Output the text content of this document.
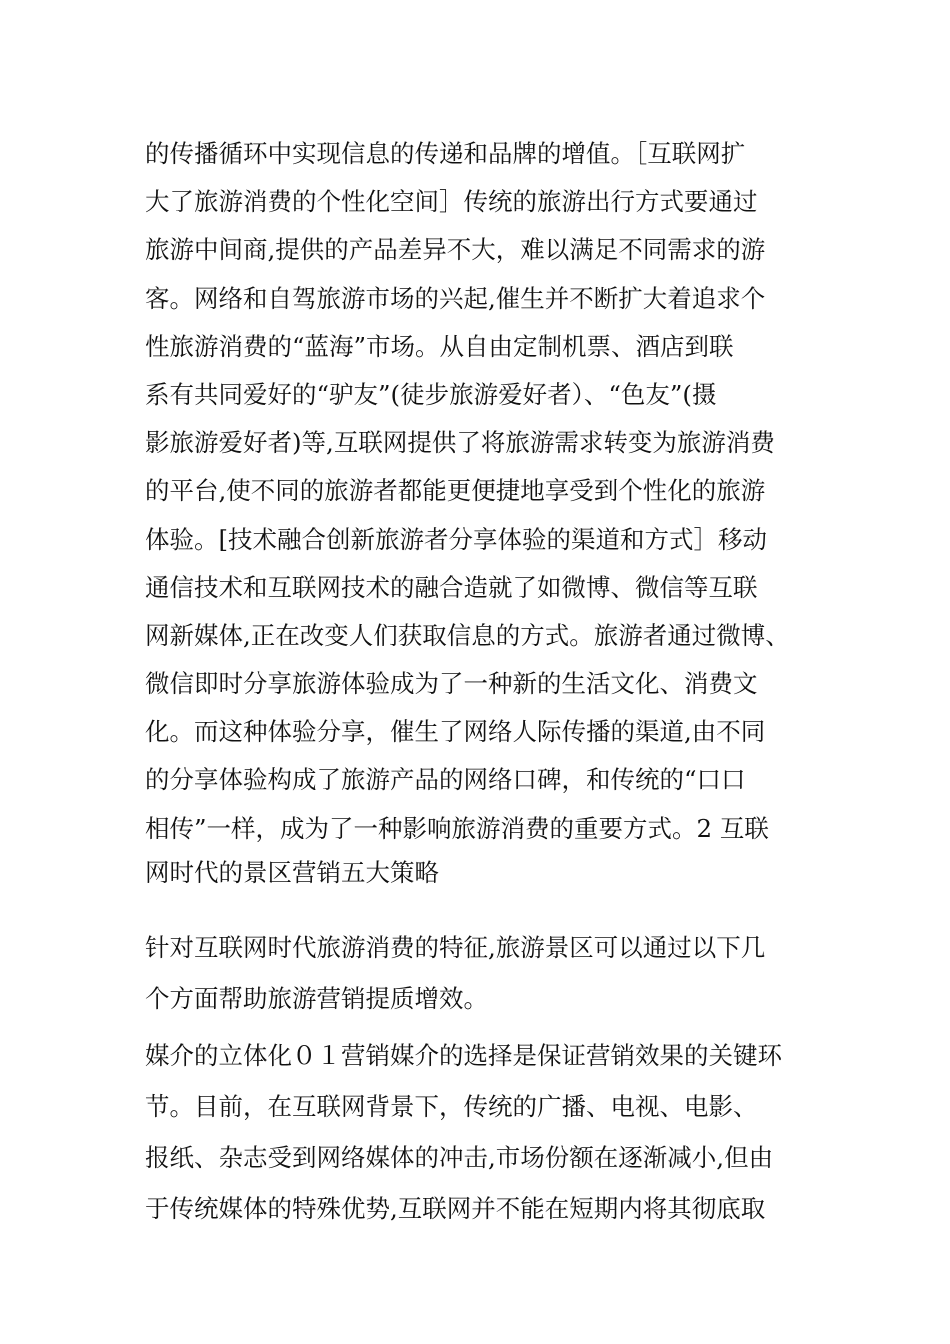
的传播循环中实现信息的传递和品牌的增值。［互联网扩
大了旅游消费的个性化空间］传统的旅游出行方式要通过
旅游中间商,提供的产品差异不大，难以满足不同需求的游
客。网络和自驾旅游市场的兴起,催生并不断扩大着追求个
性旅游消费的“蓝海”市场。从自由定制机票、酒店到联
系有共同爱好的“驴友”(徒步旅游爱好者）、“色友”(摄
影旅游爱好者)等,互联网提供了将旅游需求转变为旅游消费
的平台,使不同的旅游者都能更便捷地享受到个性化的旅游
体验。[技术融合创新旅游者分享体验的渠道和方式］移动
通信技术和互联网技术的融合造就了如微博、微信等互联
网新媒体,正在改变人们获取信息的方式。旅游者通过微博、
微信即时分享旅游体验成为了一种新的生活文化、消费文
化。而这种体验分享，催生了网络人际传播的渠道,由不同
的分享体验构成了旅游产品的网络口碑，和传统的“口口
相传”一样，成为了一种影响旅游消费的重要方式。2 互联
网时代的景区营销五大策略
针对互联网时代旅游消费的特征,旅游景区可以通过以下几
个方面帮助旅游营销提质增效。
媒介的立体化０１营销媒介的选择是保证营销效果的关键环
节。目前，在互联网背景下，传统的广播、电视、电影、
报纸、杂志受到网络媒体的冲击,市场份额在逐渐减小,但由
于传统媒体的特殊优势,互联网并不能在短期内将其彻底取
